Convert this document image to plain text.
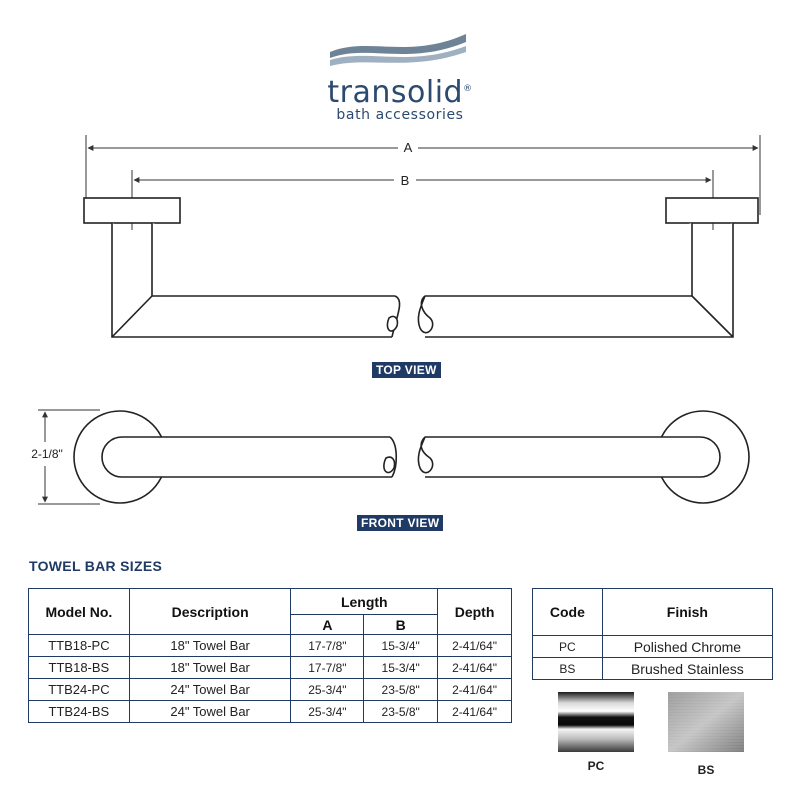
transolid®
bath accessories
A
B
2-1/8"
TOP VIEW
FRONT VIEW
TOWEL BAR SIZES
Model No.	Description	Length		Depth
		A	B	
TTB18-PC	18" Towel Bar	17-7/8"	15-3/4"	2-41/64"
TTB18-BS	18" Towel Bar	17-7/8"	15-3/4"	2-41/64"
TTB24-PC	24" Towel Bar	25-3/4"	23-5/8"	2-41/64"
TTB24-BS	24" Towel Bar	25-3/4"	23-5/8"	2-41/64"
Code	Finish
PC	Polished Chrome
BS	Brushed Stainless
PC	BS
